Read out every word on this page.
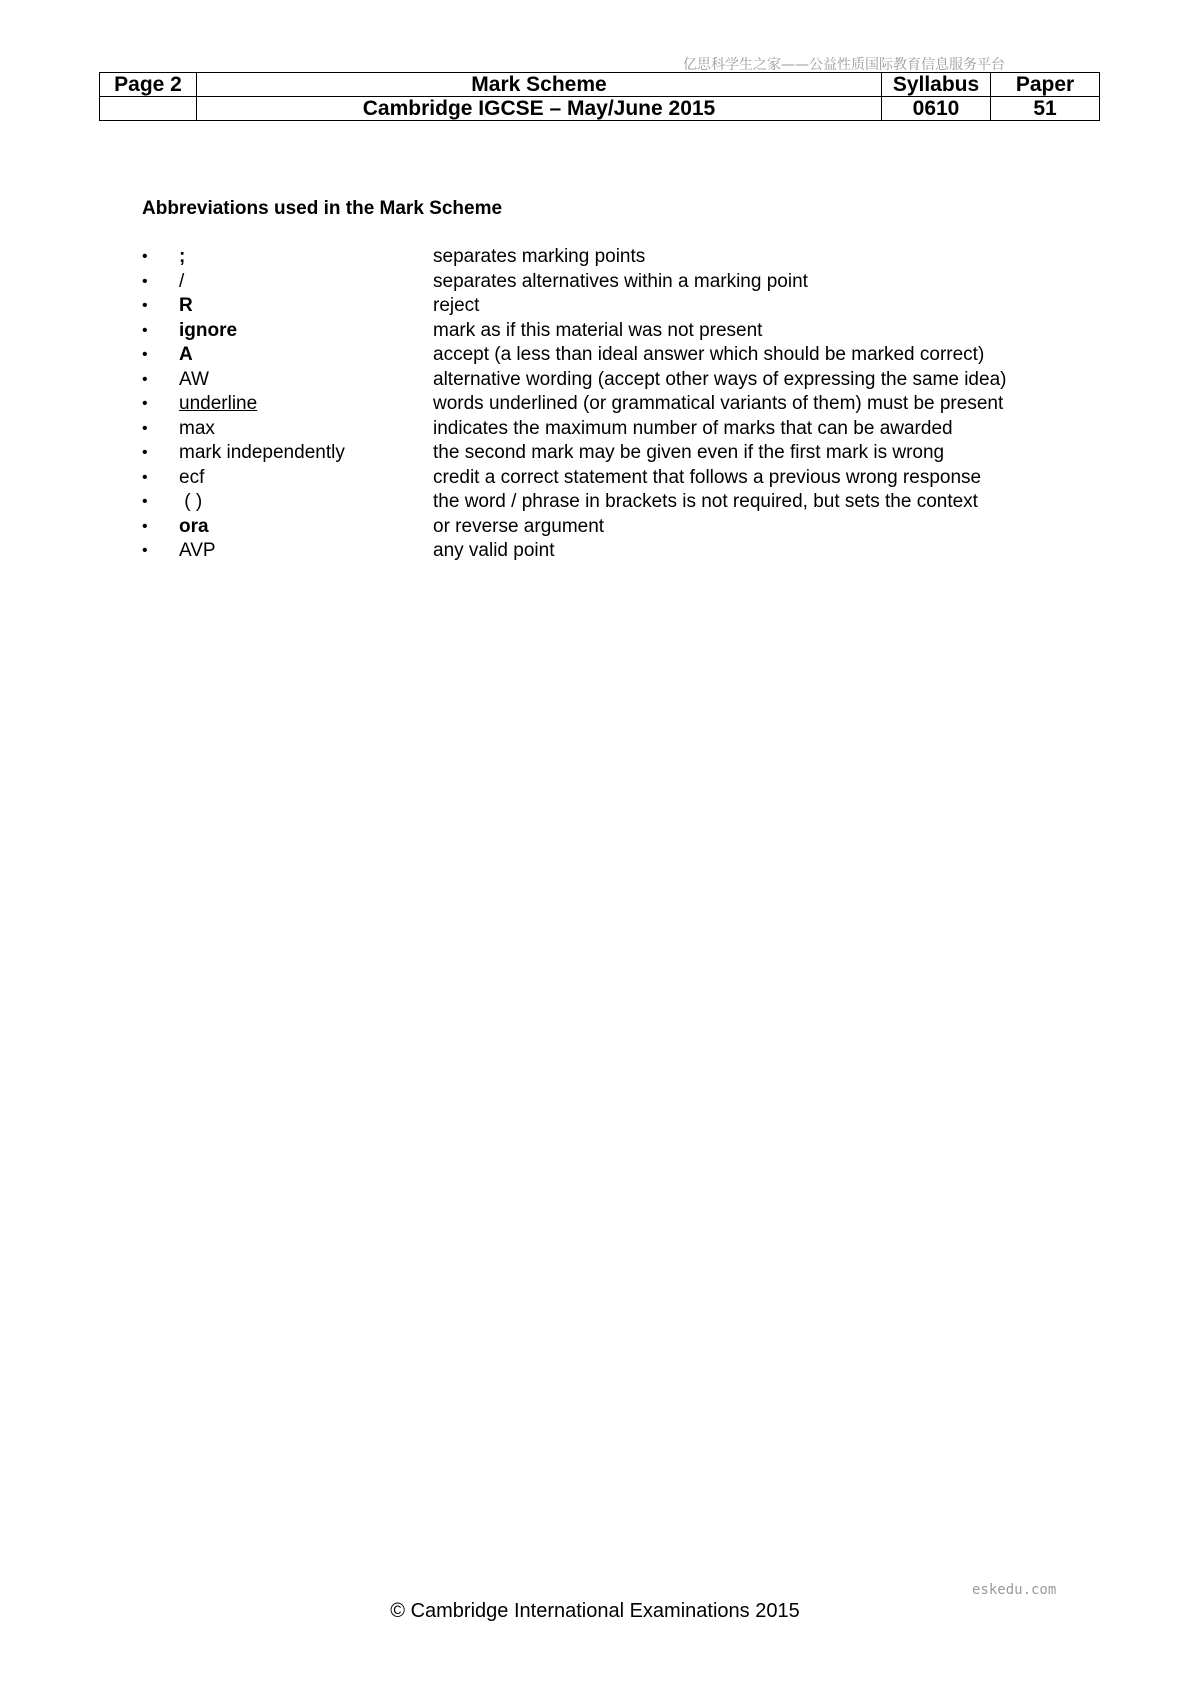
亿思科学生之家——公益性质国际教育信息服务平台
Page 2	Mark Scheme	Syllabus	Paper
	Cambridge IGCSE – May/June 2015	0610	51
Abbreviations used in the Mark Scheme
• ;	separates marking points
• /	separates alternatives within a marking point
• R	reject
• ignore	mark as if this material was not present
• A	accept (a less than ideal answer which should be marked correct)
• AW	alternative wording (accept other ways of expressing the same idea)
• underline	words underlined (or grammatical variants of them) must be present
• max	indicates the maximum number of marks that can be awarded
• mark independently	the second mark may be given even if the first mark is wrong
• ecf	credit a correct statement that follows a previous wrong response
• ( )	the word / phrase in brackets is not required, but sets the context
• ora	or reverse argument
• AVP	any valid point
eskedu.com
© Cambridge International Examinations 2015
